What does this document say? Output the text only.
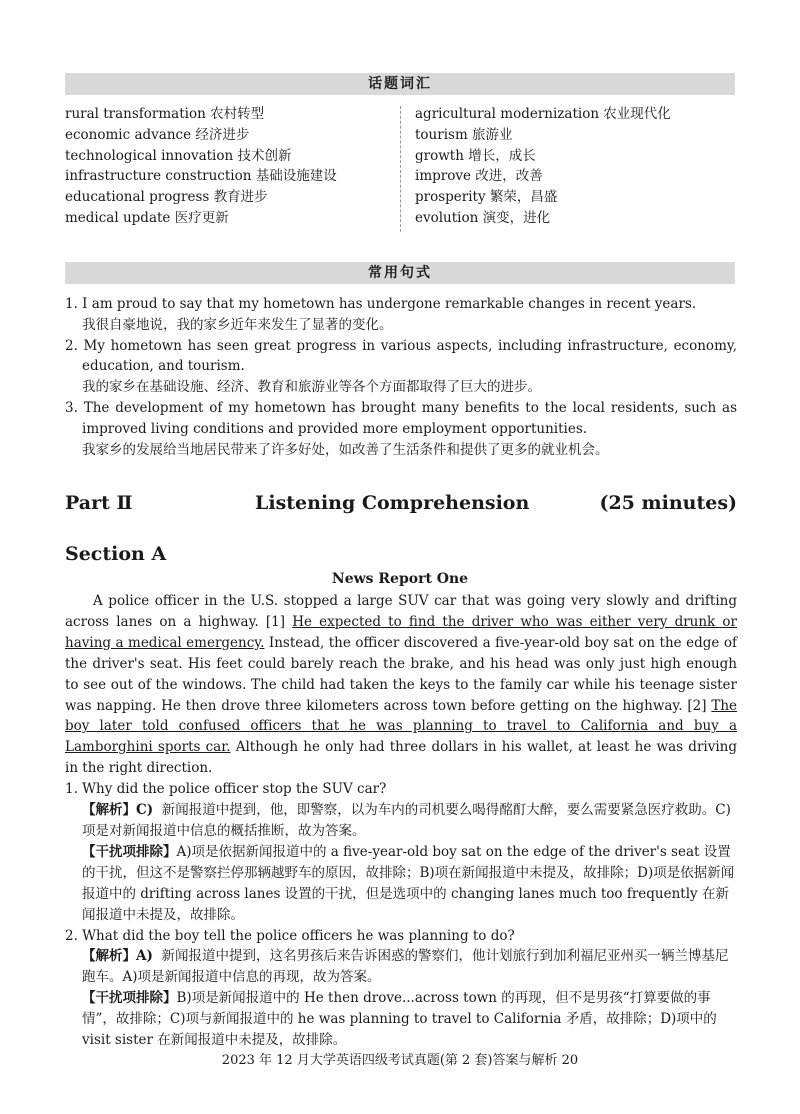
话题词汇
rural transformation 农村转型
economic advance 经济进步
technological innovation 技术创新
infrastructure construction 基础设施建设
educational progress 教育进步
medical update 医疗更新
agricultural modernization 农业现代化
tourism 旅游业
growth 增长，成长
improve 改进，改善
prosperity 繁荣，昌盛
evolution 演变，进化
常用句式

1. I am proud to say that my hometown has undergone remarkable changes in recent years.

我很自豪地说，我的家乡近年来发生了显著的变化。

2. My hometown has seen great progress in various aspects, including infrastructure, economy,

education, and tourism.

我的家乡在基础设施、经济、教育和旅游业等各个方面都取得了巨大的进步。

3. The development of my hometown has brought many benefits to the local residents, such as

improved living conditions and provided more employment opportunities.

我家乡的发展给当地居民带来了许多好处，如改善了生活条件和提供了更多的就业机会。

Part Ⅱ	Listening Comprehension	(25 minutes)
Section A
News Report One

A police officer in the U.S. stopped a large SUV car that was going very slowly and drifting across lanes on a highway. [1] He expected to find the driver who was either very drunk or having a medical emergency. Instead, the officer discovered a five-year-old boy sat on the edge of the driver's seat. His feet could barely reach the brake, and his head was only just high enough to see out of the windows. The child had taken the keys to the family car while his teenage sister was napping. He then drove three kilometers across town before getting on the highway. [2] The boy later told confused officers that he was planning to travel to California and buy a Lamborghini sports car. Although he only had three dollars in his wallet, at least he was driving in the right direction.

1. Why did the police officer stop the SUV car?

【解析】C) 新闻报道中提到，他，即警察，以为车内的司机要么喝得酩酊大醉，要么需要紧急医疗救助。C)项是对新闻报道中信息的概括推断，故为答案。

【干扰项排除】A)项是依据新闻报道中的 a five-year-old boy sat on the edge of the driver's seat 设置的干扰，但这不是警察拦停那辆越野车的原因，故排除；B)项在新闻报道中未提及，故排除；D)项是依据新闻报道中的 drifting across lanes 设置的干扰，但是选项中的 changing lanes much too frequently 在新闻报道中未提及，故排除。

2. What did the boy tell the police officers he was planning to do?

【解析】A) 新闻报道中提到，这名男孩后来告诉困惑的警察们，他计划旅行到加利福尼亚州买一辆兰博基尼跑车。A)项是新闻报道中信息的再现，故为答案。

【干扰项排除】B)项是新闻报道中的 He then drove...across town 的再现，但不是男孩“打算要做的事情”，故排除；C)项与新闻报道中的 he was planning to travel to California 矛盾，故排除；D)项中的 visit sister 在新闻报道中未提及，故排除。

2023 年 12 月大学英语四级考试真题(第 2 套)答案与解析 20
